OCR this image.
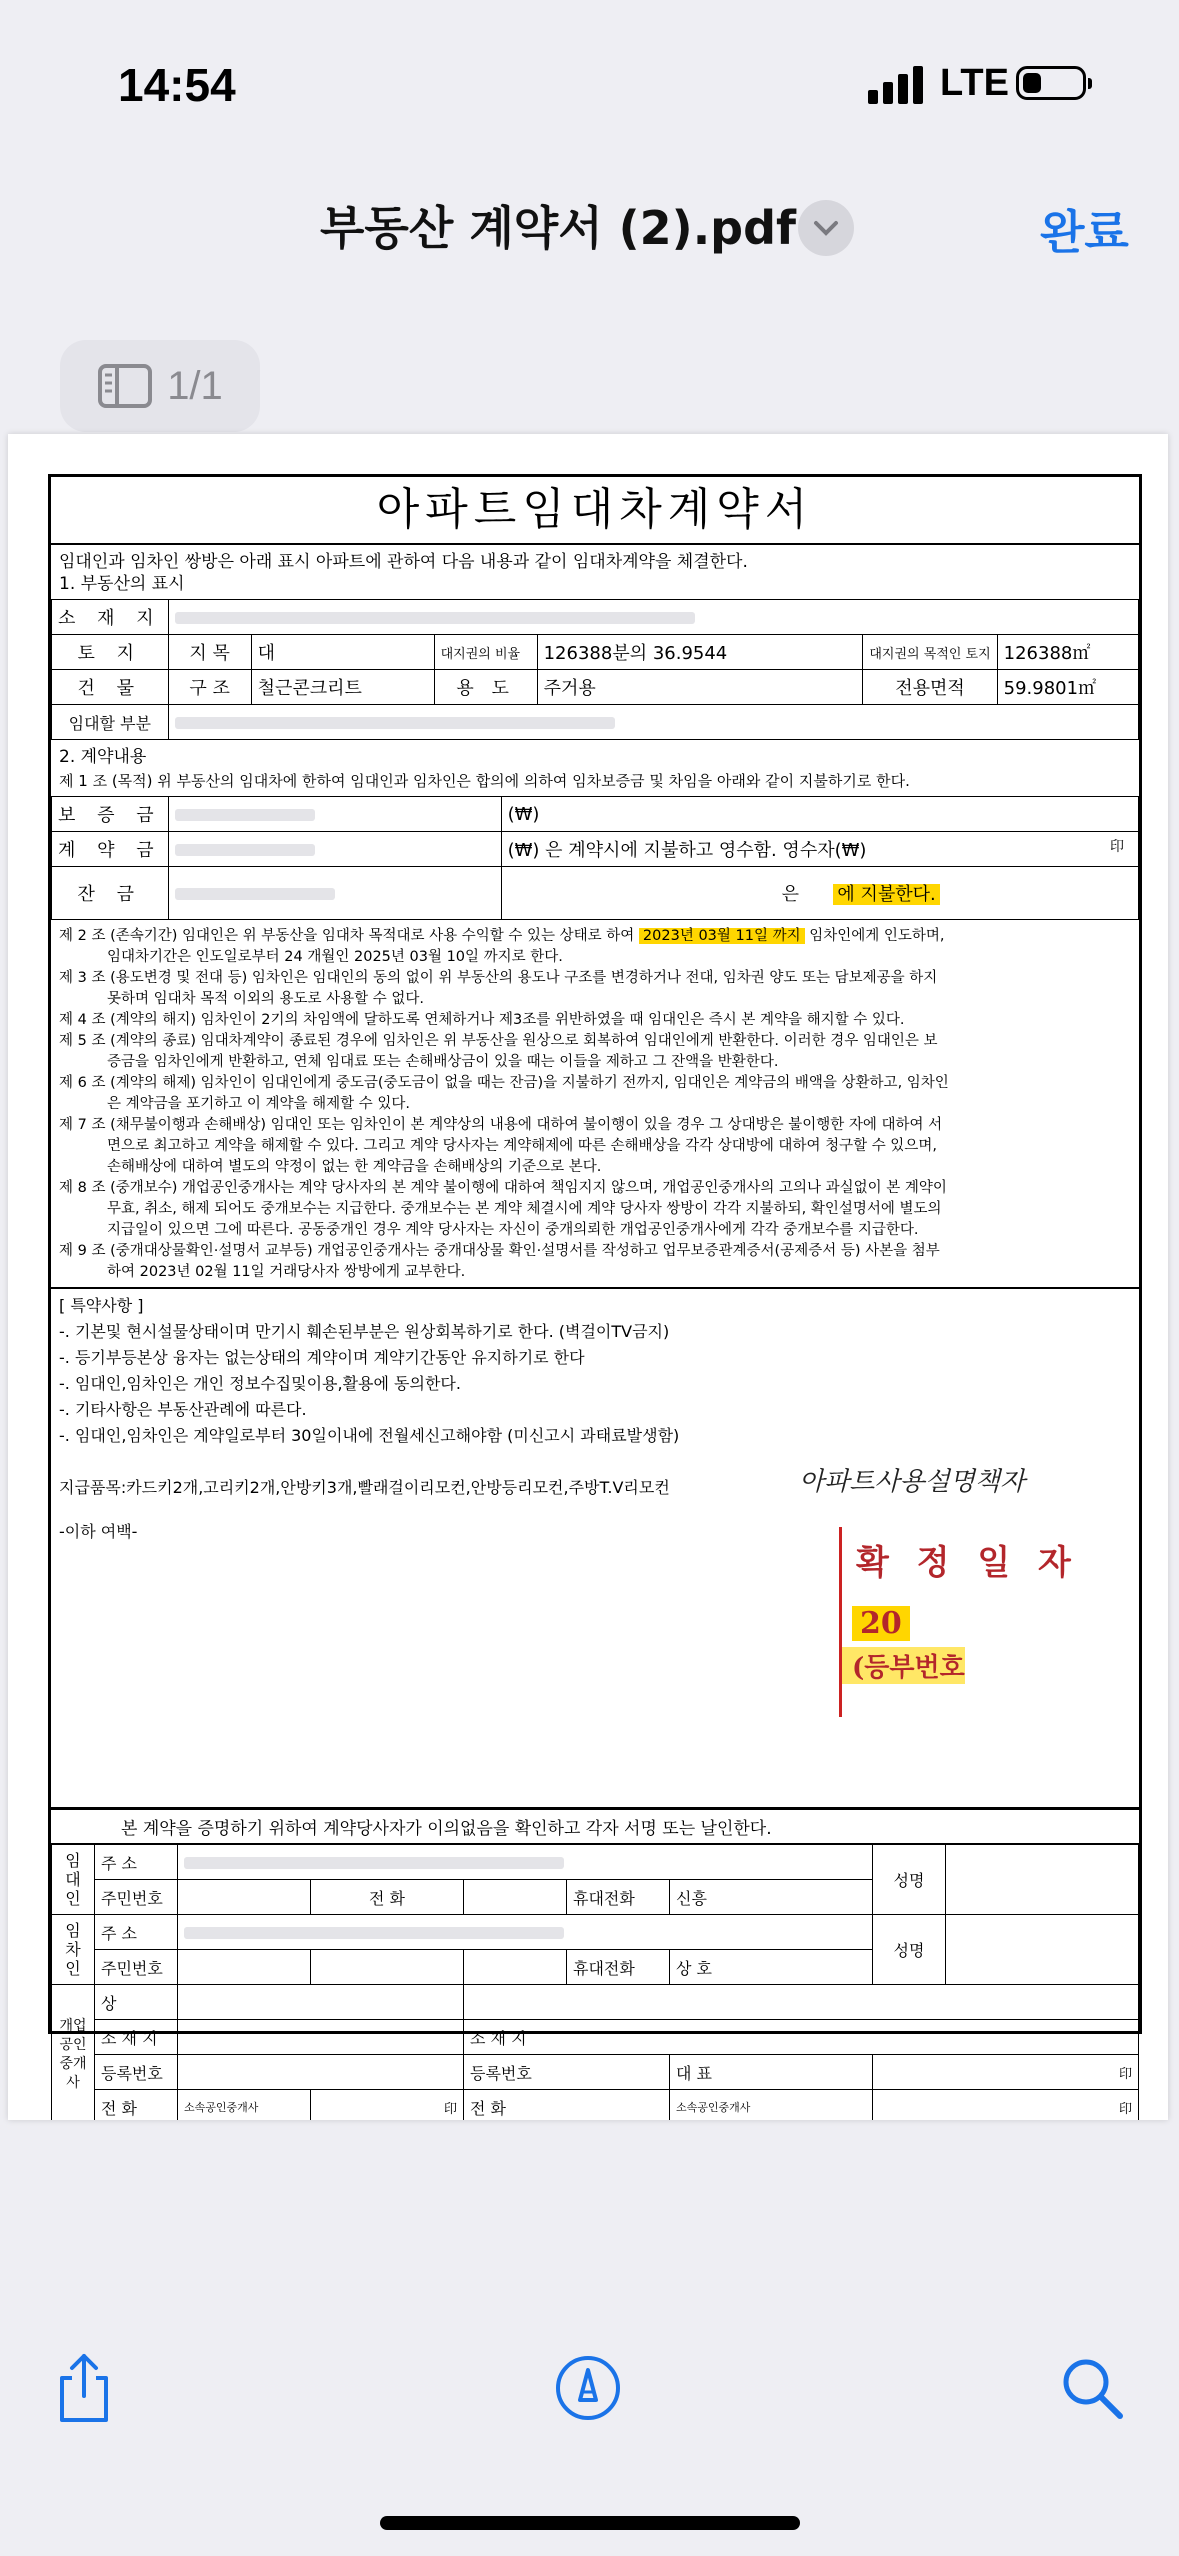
14:54	LTE
부동산 계약서 (2).pdf	완료
1/1
아파트임대차계약서
임대인과 임차인 쌍방은 아래 표시 아파트에 관하여 다음 내용과 같이 임대차계약을 체결한다.
1. 부동산의 표시
소 재 지						
토 지	지 목	대	대지권의 비율	126388분의 36.9544	대지권의 목적인 토지	126388㎡
건 물	구 조	철근콘크리트	용 도	주거용	전용면적	59.9801㎡
임대할 부분						
2. 계약내용
제 1 조 (목적) 위 부동산의 임대차에 한하여 임대인과 임차인은 합의에 의하여 임차보증금 및 차임을 아래와 같이 지불하기로 한다.
보 증 금		(₩)
계 약 금		(₩) 은 계약시에 지불하고 영수함. 영수자(₩) 印

잔 금		은 에 지불한다.
제 2 조 (존속기간) 임대인은 위 부동산을 임대차 목적대로 사용 수익할 수 있는 상태로 하여 2023년 03월 11일 까지 임차인에게 인도하며,
임대차기간은 인도일로부터 24 개월인 2025년 03월 10일 까지로 한다.
제 3 조 (용도변경 및 전대 등) 임차인은 임대인의 동의 없이 위 부동산의 용도나 구조를 변경하거나 전대, 임차권 양도 또는 담보제공을 하지
못하며 임대차 목적 이외의 용도로 사용할 수 없다.
제 4 조 (계약의 해지) 임차인이 2기의 차임액에 달하도록 연체하거나 제3조를 위반하였을 때 임대인은 즉시 본 계약을 해지할 수 있다.
제 5 조 (계약의 종료) 임대차계약이 종료된 경우에 임차인은 위 부동산을 원상으로 회복하여 임대인에게 반환한다. 이러한 경우 임대인은 보
증금을 임차인에게 반환하고, 연체 임대료 또는 손해배상금이 있을 때는 이들을 제하고 그 잔액을 반환한다.
제 6 조 (계약의 해제) 임차인이 임대인에게 중도금(중도금이 없을 때는 잔금)을 지불하기 전까지, 임대인은 계약금의 배액을 상환하고, 임차인
은 계약금을 포기하고 이 계약을 해제할 수 있다.
제 7 조 (채무불이행과 손해배상) 임대인 또는 임차인이 본 계약상의 내용에 대하여 불이행이 있을 경우 그 상대방은 불이행한 자에 대하여 서
면으로 최고하고 계약을 해제할 수 있다. 그리고 계약 당사자는 계약해제에 따른 손해배상을 각각 상대방에 대하여 청구할 수 있으며,
손해배상에 대하여 별도의 약정이 없는 한 계약금을 손해배상의 기준으로 본다.
제 8 조 (중개보수) 개업공인중개사는 계약 당사자의 본 계약 불이행에 대하여 책임지지 않으며, 개업공인중개사의 고의나 과실없이 본 계약이
무효, 취소, 해제 되어도 중개보수는 지급한다. 중개보수는 본 계약 체결시에 계약 당사자 쌍방이 각각 지불하되, 확인설명서에 별도의
지급일이 있으면 그에 따른다. 공동중개인 경우 계약 당사자는 자신이 중개의뢰한 개업공인중개사에게 각각 중개보수를 지급한다.
제 9 조 (중개대상물확인·설명서 교부등) 개업공인중개사는 중개대상물 확인·설명서를 작성하고 업무보증관계증서(공제증서 등) 사본을 첨부
하여 2023년 02월 11일 거래당사자 쌍방에게 교부한다.
[ 특약사항 ]
-. 기본및 현시설물상태이며 만기시 훼손된부분은 원상회복하기로 한다. (벽걸이TV금지)
-. 등기부등본상 융자는 없는상태의 계약이며 계약기간동안 유지하기로 한다
-. 임대인,임차인은 개인 정보수집및이용,활용에 동의한다.
-. 기타사항은 부동산관례에 따른다.
-. 임대인,임차인은 계약일로부터 30일이내에 전월세신고해야함 (미신고시 과태료발생함)
지급품목:카드키2개,고리키2개,안방키3개,빨래걸이리모컨,안방등리모컨,주방T.V리모컨	아파트사용설명책자
-이하 여백-
확 정 일 자
20
(등부번호
본 계약을 증명하기 위하여 계약당사자가 이의없음을 확인하고 각자 서명 또는 날인한다.
임대인	주 소						성명	
	주민번호		전 화		휴대전화	신흥		
임차인	주 소						성명	
	주민번호				휴대전화	상 호		
개업공인중개사	상							
	소 재 지			소 재 지				
	등록번호			등록번호		대 표	印	
	전 화	소속공인중개사	印	전 화		소속공인중개사	印	
